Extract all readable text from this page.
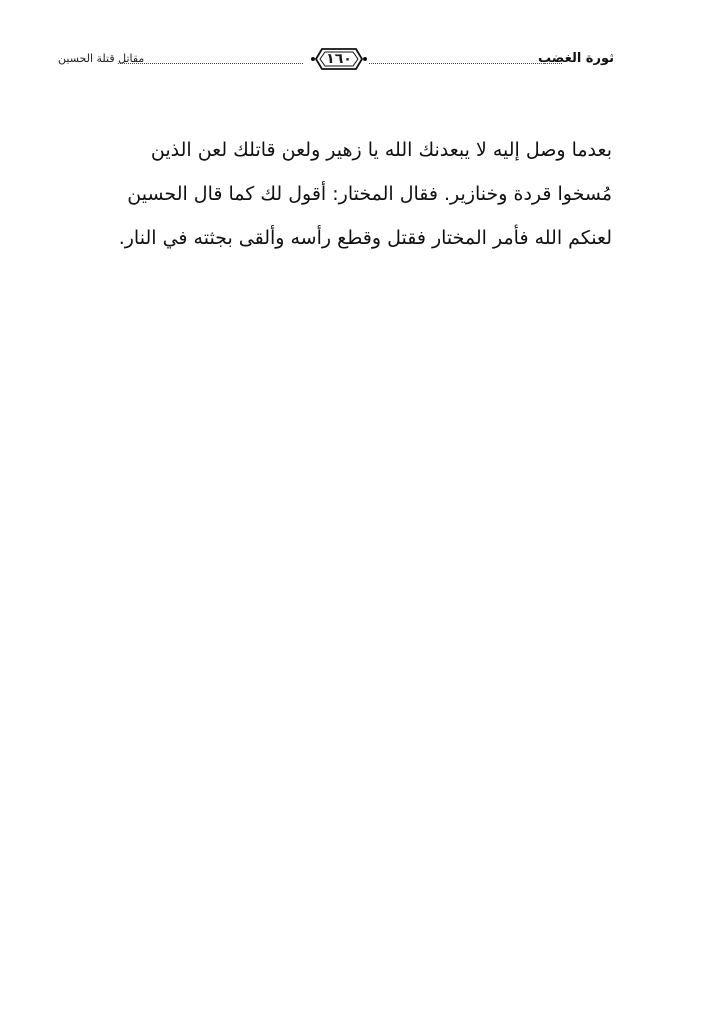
ثورة الغضب
١٦٠
مقاتل قتلة الحسين
بعدما وصل إليه لا يبعدنك الله يا زهير ولعن قاتلك لعن الذين
مُسخوا قردة وخنازير. فقال المختار: أقول لك كما قال الحسين
لعنكم الله فأمر المختار فقتل وقطع رأسه وألقى بجثته في النار.
